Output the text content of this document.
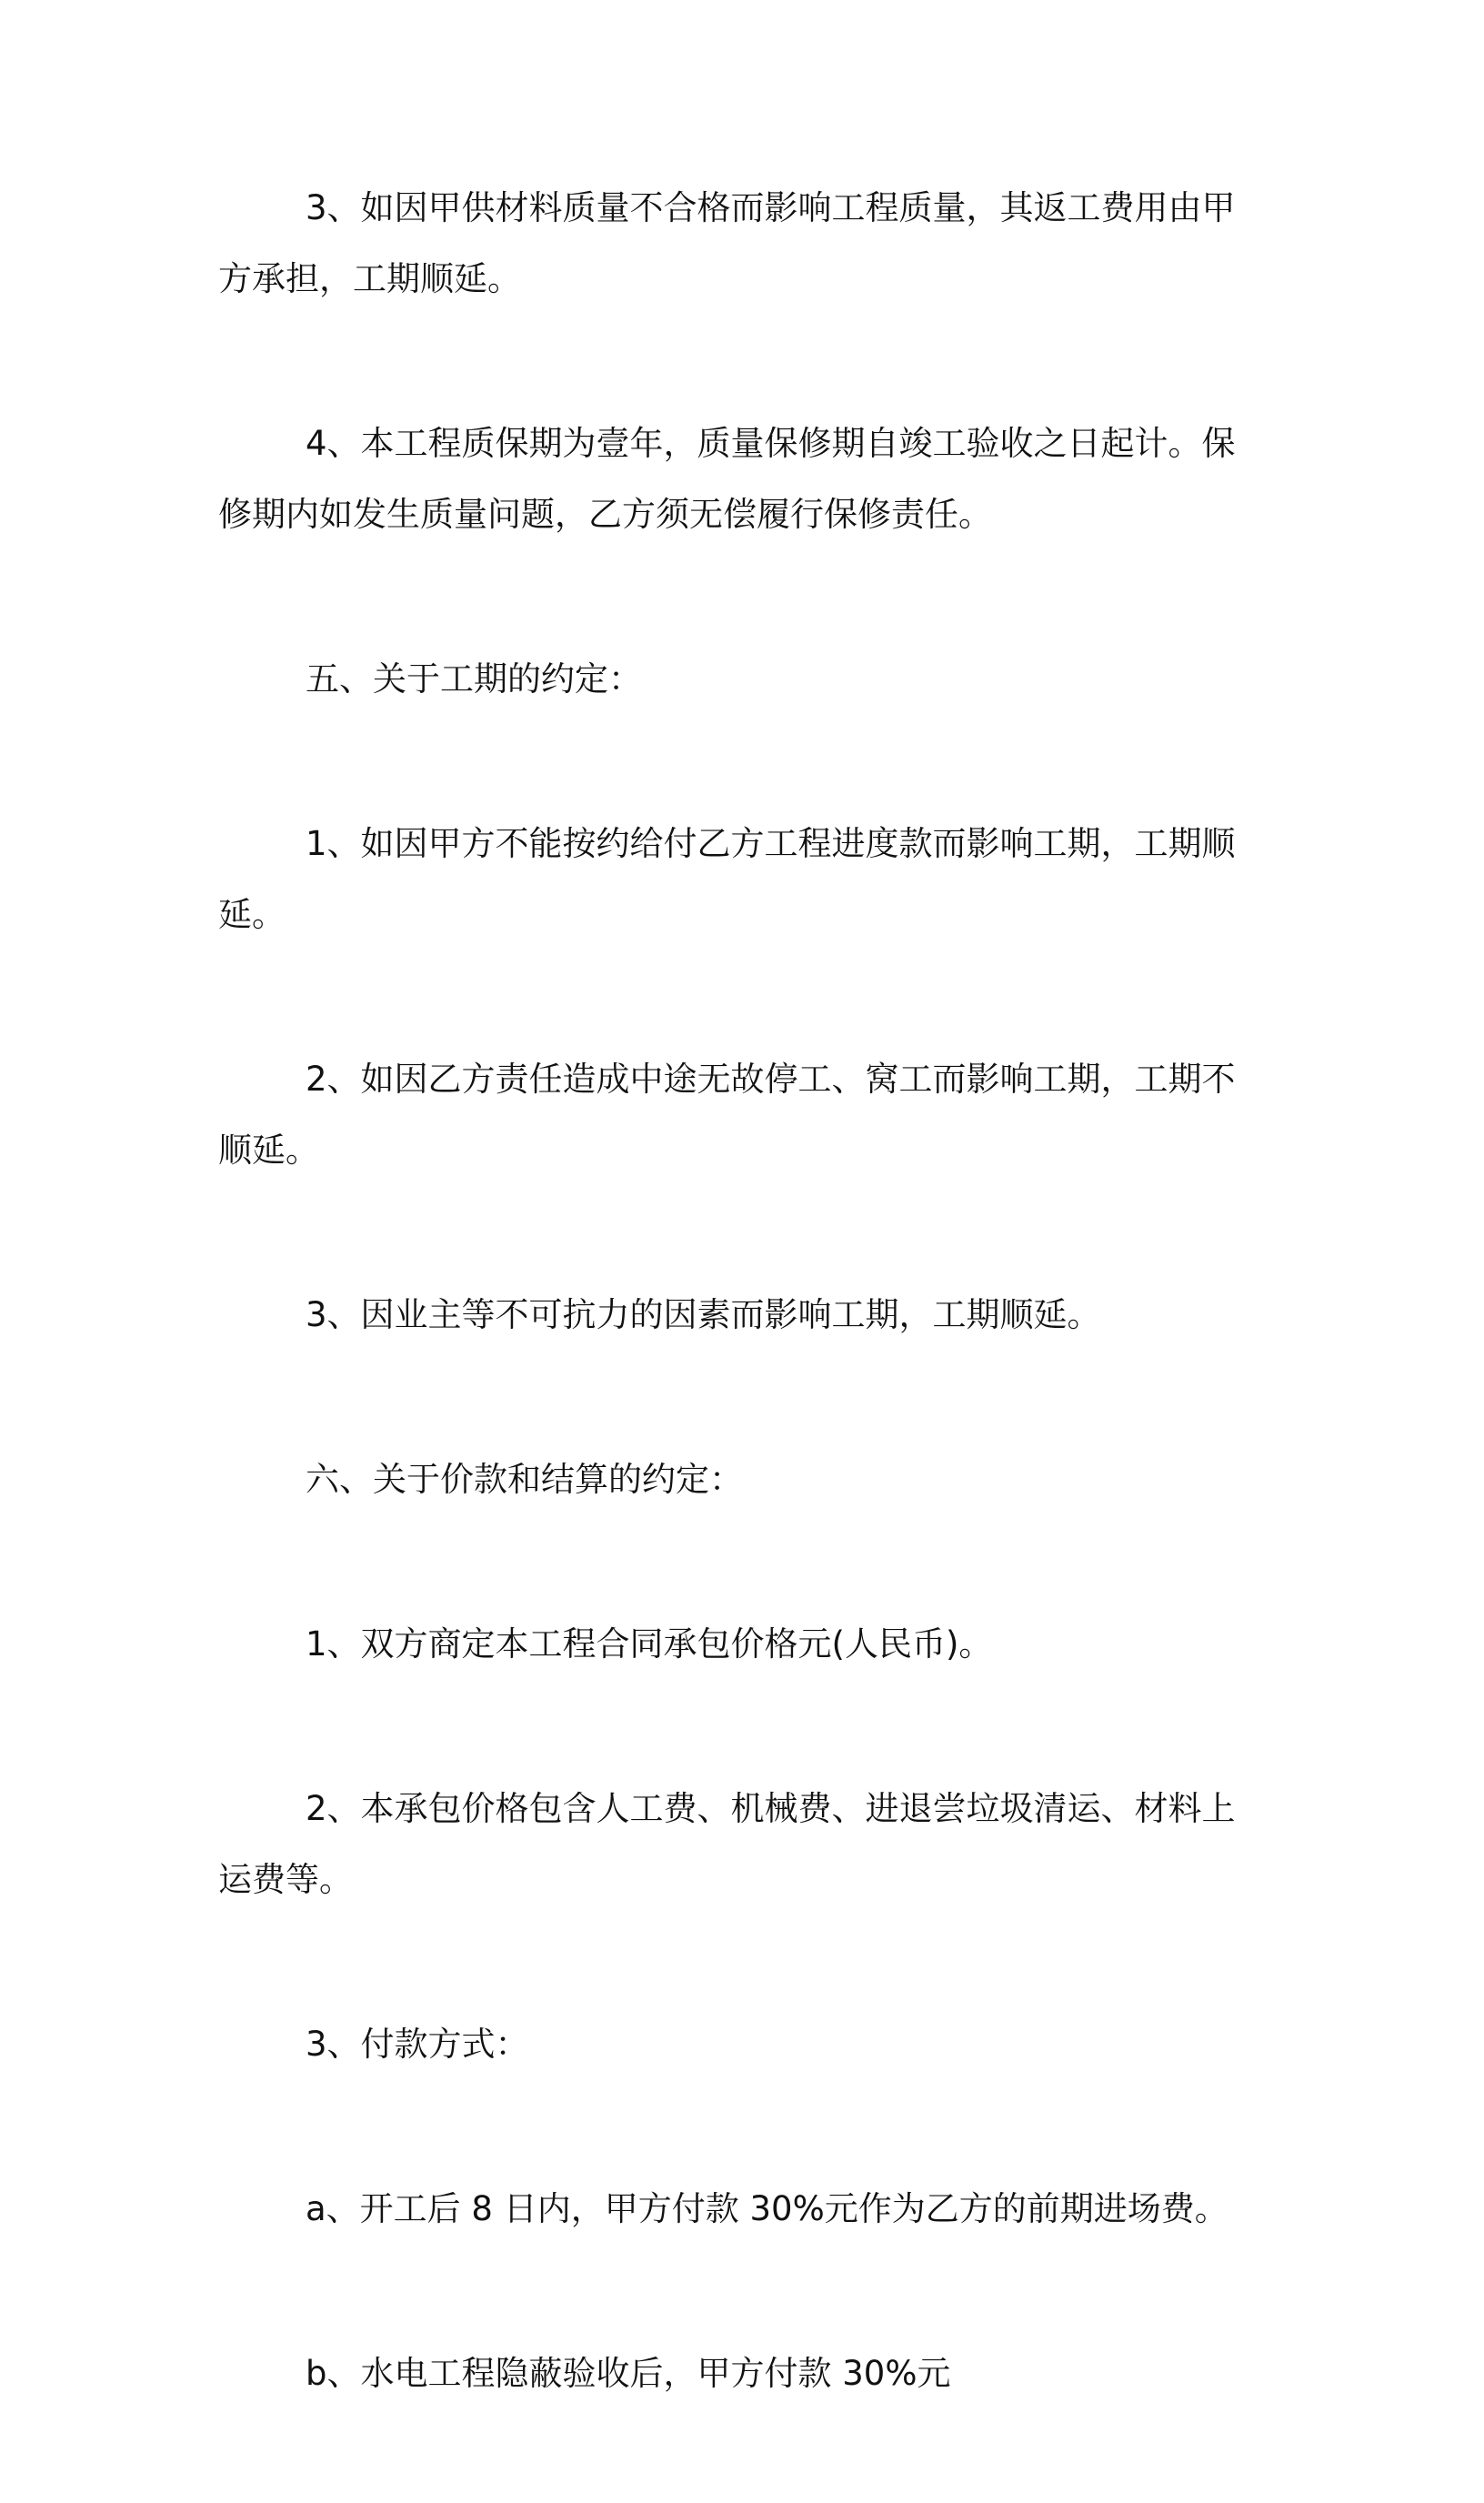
3、如因甲供材料质量不合格而影响工程质量，其返工费用由甲方承担，工期顺延。

4、本工程质保期为壹年，质量保修期自竣工验收之日起计。保修期内如发生质量问题，乙方须无偿履行保修责任。

五、关于工期的约定：

1、如因甲方不能按约给付乙方工程进度款而影响工期，工期顺延。

2、如因乙方责任造成中途无故停工、窝工而影响工期，工期不顺延。

3、因业主等不可抗力的因素而影响工期，工期顺延。

六、关于价款和结算的约定：

1、双方商定本工程合同承包价格元(人民币)。

2、本承包价格包含人工费、机械费、进退尝垃圾清运、材料上运费等。

3、付款方式：

a、开工后 8 日内，甲方付款 30%元作为乙方的前期进场费。

b、水电工程隐蔽验收后，甲方付款 30%元
